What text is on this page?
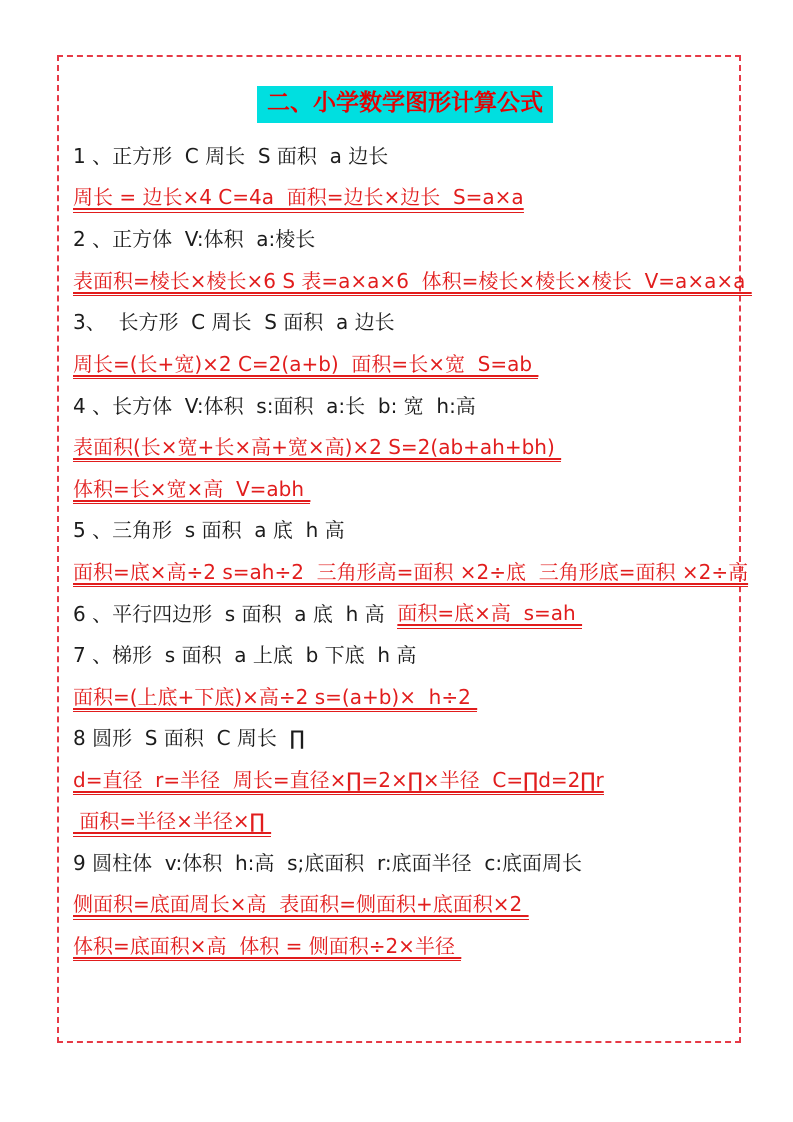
二、小学数学图形计算公式
1 、正方形  C 周长  S 面积  a 边长
周长 = 边长×4 C=4a  面积=边长×边长  S=a×a
2 、正方体  V:体积  a:棱长
表面积=棱长×棱长×6 S 表=a×a×6  体积=棱长×棱长×棱长  V=a×a×a
3、  长方形  C 周长  S 面积  a 边长
周长=(长+宽)×2 C=2(a+b)  面积=长×宽  S=ab
4 、长方体  V:体积  s:面积  a:长  b: 宽  h:高
表面积(长×宽+长×高+宽×高)×2 S=2(ab+ah+bh)
体积=长×宽×高  V=abh
5 、三角形  s 面积  a 底  h 高
面积=底×高÷2 s=ah÷2  三角形高=面积 ×2÷底  三角形底=面积 ×2÷高
6 、平行四边形  s 面积  a 底  h 高  面积=底×高  s=ah
7 、梯形  s 面积  a 上底  b 下底  h 高
面积=(上底+下底)×高÷2 s=(a+b)×  h÷2
8 圆形  S 面积  C 周长  ∏
d=直径  r=半径  周长=直径×∏=2×∏×半径  C=∏d=2∏r
面积=半径×半径×∏
9 圆柱体  v:体积  h:高  s;底面积  r:底面半径  c:底面周长
侧面积=底面周长×高  表面积=侧面积+底面积×2
体积=底面积×高  体积 = 侧面积÷2×半径
